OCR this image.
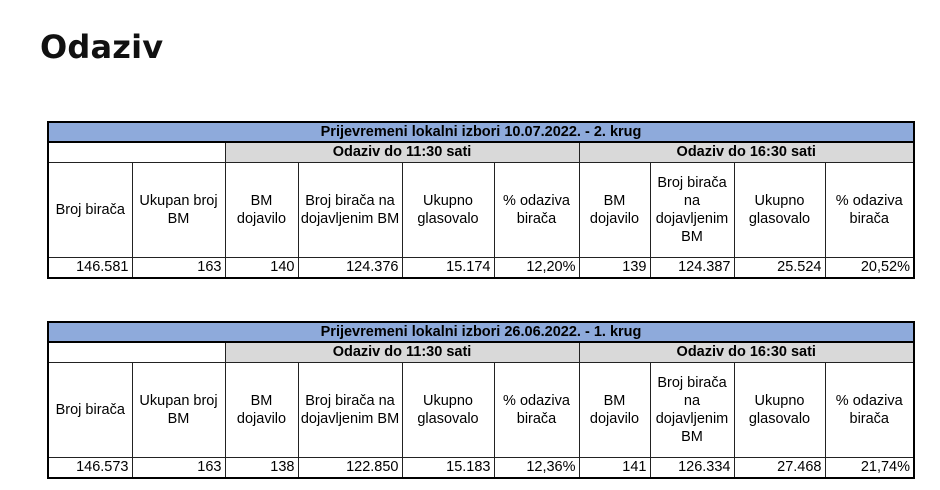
Odaziv
Prijevremeni lokalni izbori 10.07.2022. - 2. krug									
		Odaziv do 11:30 sati				Odaziv do 16:30 sati			
Broj birača	Ukupan broj BM	BM dojavilo	Broj birača na dojavljenim BM	Ukupno glasovalo	% odaziva birača	BM dojavilo	Broj birača na dojavljenim BM	Ukupno glasovalo	% odaziva birača
146.581	163	140	124.376	15.174	12,20%	139	124.387	25.524	20,52%
Prijevremeni lokalni izbori 26.06.2022. - 1. krug									
		Odaziv do 11:30 sati				Odaziv do 16:30 sati			
Broj birača	Ukupan broj BM	BM dojavilo	Broj birača na dojavljenim BM	Ukupno glasovalo	% odaziva birača	BM dojavilo	Broj birača na dojavljenim BM	Ukupno glasovalo	% odaziva birača
146.573	163	138	122.850	15.183	12,36%	141	126.334	27.468	21,74%
